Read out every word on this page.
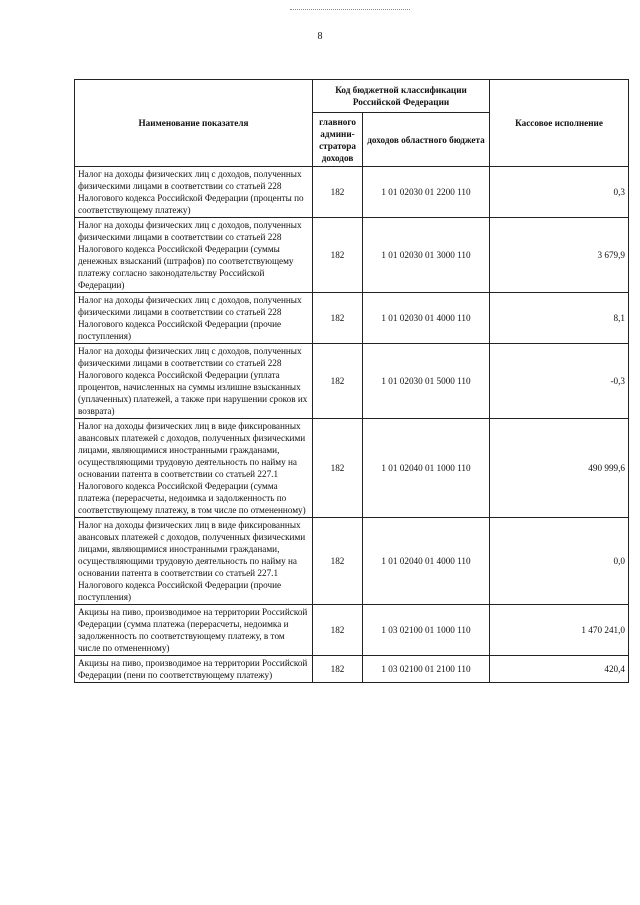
8
Наименование показателя	Код бюджетной классификации Российской Федерации		Кассовое исполнение
	главного админи-стратора доходов	доходов областного бюджета	
Налог на доходы физических лиц с доходов, полученных физическими лицами в соответствии со статьей 228 Налогового кодекса Российской Федерации (проценты по соответствующему платежу)	182	1 01 02030 01 2200 110	0,3
Налог на доходы физических лиц с доходов, полученных физическими лицами в соответствии со статьей 228 Налогового кодекса Российской Федерации (суммы денежных взысканий (штрафов) по соответствующему платежу согласно законодательству Российской Федерации)	182	1 01 02030 01 3000 110	3 679,9
Налог на доходы физических лиц с доходов, полученных физическими лицами в соответствии со статьей 228 Налогового кодекса Российской Федерации (прочие поступления)	182	1 01 02030 01 4000 110	8,1
Налог на доходы физических лиц с доходов, полученных физическими лицами в соответствии со статьей 228 Налогового кодекса Российской Федерации (уплата процентов, начисленных на суммы излишне взысканных (уплаченных) платежей, а также при нарушении сроков их возврата)	182	1 01 02030 01 5000 110	-0,3
Налог на доходы физических лиц в виде фиксированных авансовых платежей с доходов, полученных физическими лицами, являющимися иностранными гражданами, осуществляющими трудовую деятельность по найму на основании патента в соответствии со статьей 227.1 Налогового кодекса Российской Федерации (сумма платежа (перерасчеты, недоимка и задолженность по соответствующему платежу, в том числе по отмененному)	182	1 01 02040 01 1000 110	490 999,6
Налог на доходы физических лиц в виде фиксированных авансовых платежей с доходов, полученных физическими лицами, являющимися иностранными гражданами, осуществляющими трудовую деятельность по найму на основании патента в соответствии со статьей 227.1 Налогового кодекса Российской Федерации (прочие поступления)	182	1 01 02040 01 4000 110	0,0
Акцизы на пиво, производимое на территории Российской Федерации (сумма платежа (перерасчеты, недоимка и задолженность по соответствующему платежу, в том числе по отмененному)	182	1 03 02100 01 1000 110	1 470 241,0
Акцизы на пиво, производимое на территории Российской Федерации (пени по соответствующему платежу)	182	1 03 02100 01 2100 110	420,4
